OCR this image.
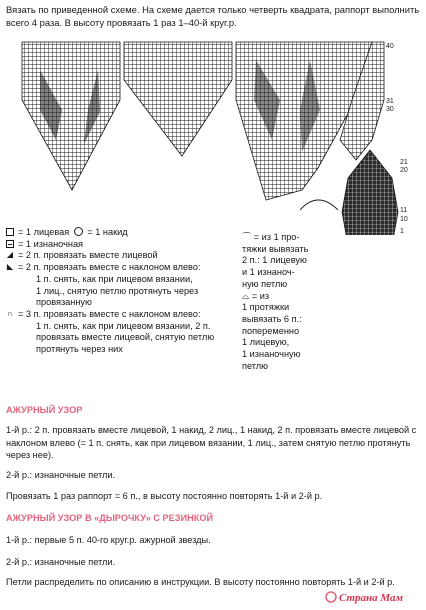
Вязать по приведенной схеме. На схеме дается только четверть квадрата, раппорт выполнить всего 4 раза. В высоту провязать 1 раз 1–40-й круг.р.
40
31
30
21
20
11
10
1
= 1 лицевая = 1 накид
= 1 изнаночная
◢ = 2 п. провязать вместе лицевой
◣ = 2 п. провязать вместе с наклоном влево:
1 п. снять, как при лицевом вязании,
1 лиц., снятую петлю протянуть через
провязанную
∩ = 3 п. провязать вместе с наклоном влево:
1 п. снять, как при лицевом вязании, 2 п.
провязать вместе лицевой, снятую петлю
протянуть через них
⌒ = из 1 про-
тяжки вывязать
2 п.: 1 лицевую
и 1 изнаноч-
ную петлю
⌓ = из
1 протяжки
вывязать 6 п.:
попеременно
1 лицевую,
1 изнаночную
петлю
АЖУРНЫЙ УЗОР
1-й р.: 2 п. провязать вместе лицевой, 1 накид, 2 лиц., 1 накид, 2 п. провязать вместе лицевой с наклоном влево (= 1 п. снять, как при лицевом вязании, 1 лиц., затем снятую петлю протянуть через нее).
2-й р.: изнаночные петли.
Провязать 1 раз раппорт = 6 п., в высоту постоянно повторять 1-й и 2-й р.
АЖУРНЫЙ УЗОР В «ДЫРОЧКУ» С РЕЗИНКОЙ
1-й р.: первые 5 п. 40-го круг.р. ажурной звезды.
2-й р.: изнаночные петли.
Петли распределить по описанию в инструкции. В высоту постоянно повторять 1-й и 2-й р.
Страна Мам
